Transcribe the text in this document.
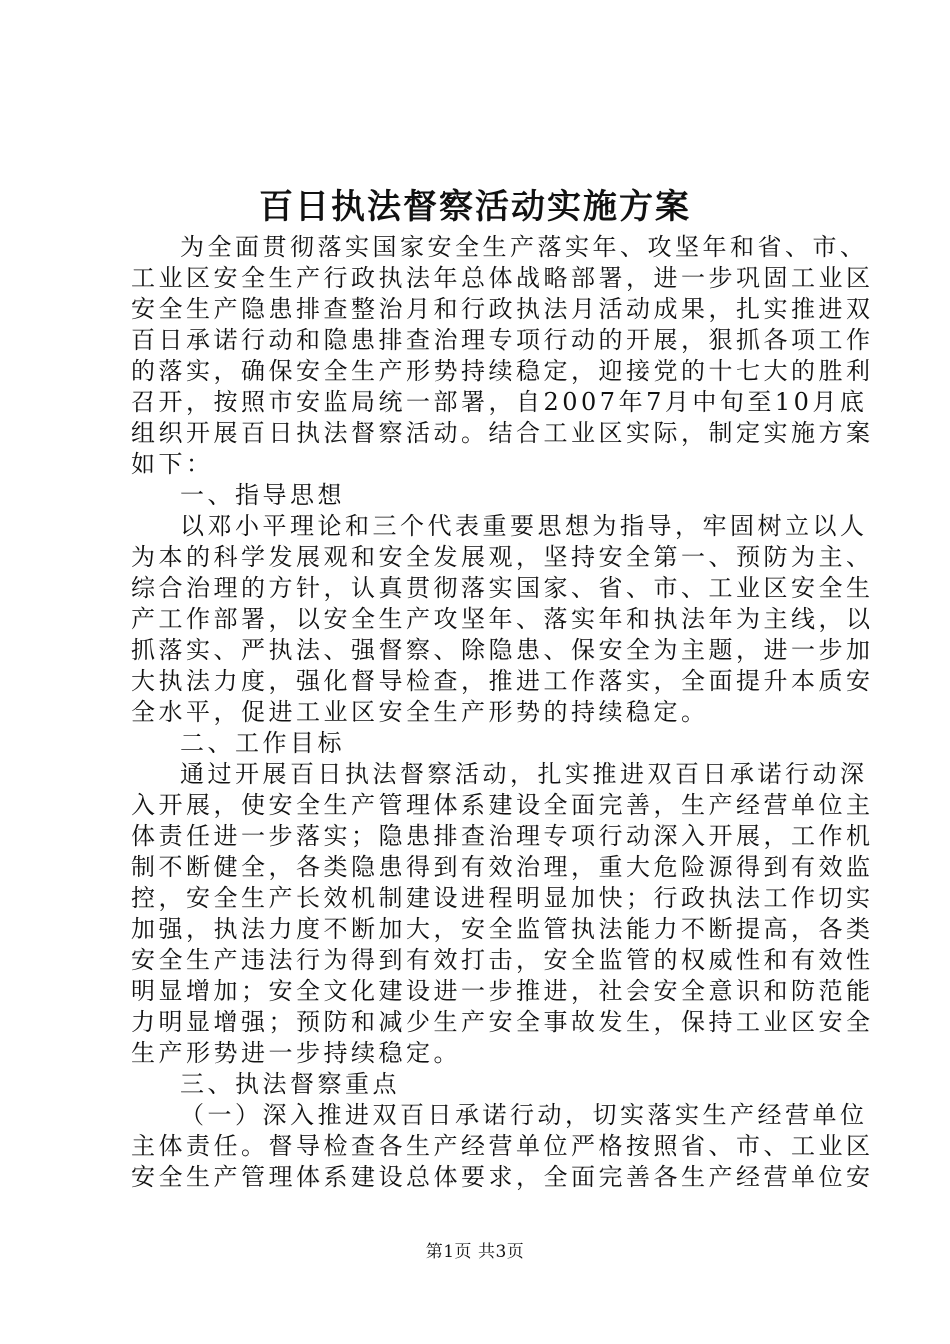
百日执法督察活动实施方案
为全面贯彻落实国家安全生产落实年、攻坚年和省、市、
工业区安全生产行政执法年总体战略部署，进一步巩固工业区
安全生产隐患排查整治月和行政执法月活动成果，扎实推进双
百日承诺行动和隐患排查治理专项行动的开展，狠抓各项工作
的落实，确保安全生产形势持续稳定，迎接党的十七大的胜利
召开，按照市安监局统一部署，自2007年7月中旬至10月底
组织开展百日执法督察活动。结合工业区实际，制定实施方案
如下：
一、指导思想
以邓小平理论和三个代表重要思想为指导，牢固树立以人
为本的科学发展观和安全发展观，坚持安全第一、预防为主、
综合治理的方针，认真贯彻落实国家、省、市、工业区安全生
产工作部署，以安全生产攻坚年、落实年和执法年为主线，以
抓落实、严执法、强督察、除隐患、保安全为主题，进一步加
大执法力度，强化督导检查，推进工作落实，全面提升本质安
全水平，促进工业区安全生产形势的持续稳定。
二、工作目标
通过开展百日执法督察活动，扎实推进双百日承诺行动深
入开展，使安全生产管理体系建设全面完善，生产经营单位主
体责任进一步落实；隐患排查治理专项行动深入开展，工作机
制不断健全，各类隐患得到有效治理，重大危险源得到有效监
控，安全生产长效机制建设进程明显加快；行政执法工作切实
加强，执法力度不断加大，安全监管执法能力不断提高，各类
安全生产违法行为得到有效打击，安全监管的权威性和有效性
明显增加；安全文化建设进一步推进，社会安全意识和防范能
力明显增强；预防和减少生产安全事故发生，保持工业区安全
生产形势进一步持续稳定。
三、执法督察重点
（一）深入推进双百日承诺行动，切实落实生产经营单位
主体责任。督导检查各生产经营单位严格按照省、市、工业区
安全生产管理体系建设总体要求，全面完善各生产经营单位安
第1页 共3页
